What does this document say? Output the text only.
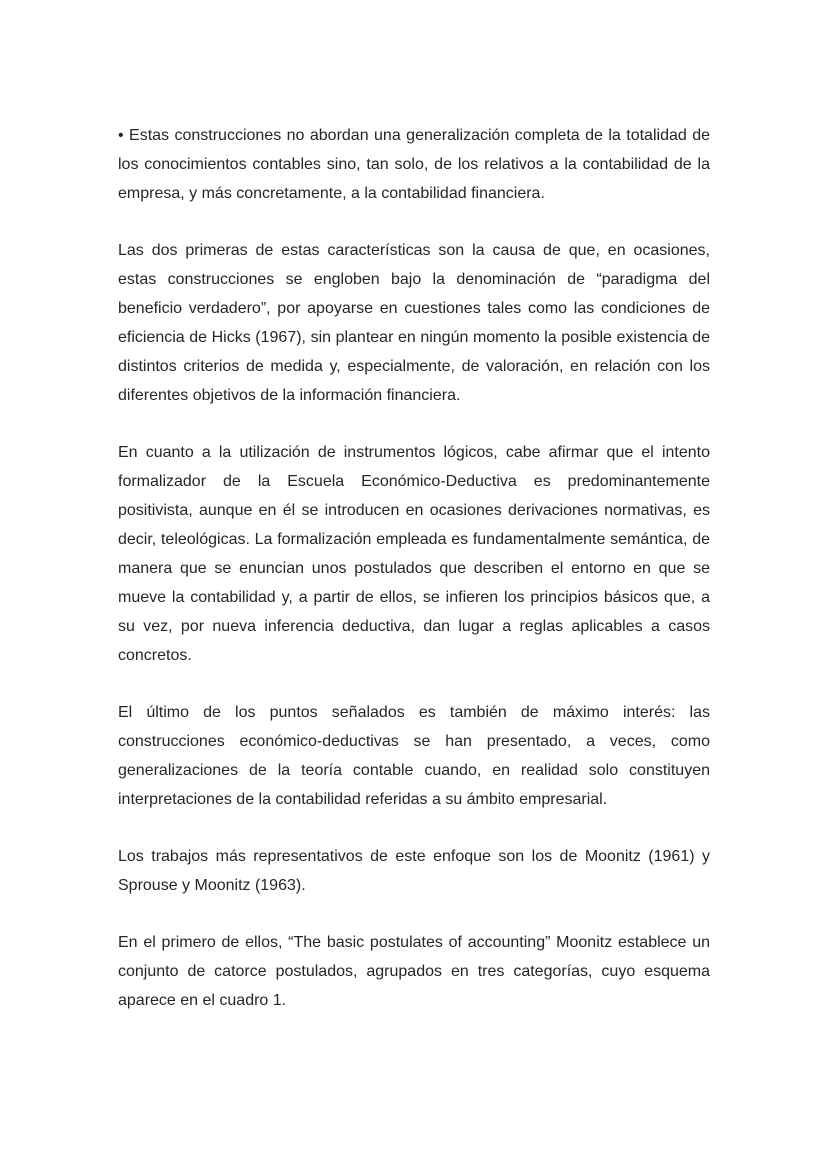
• Estas construcciones no abordan una generalización completa de la totalidad de los conocimientos contables sino, tan solo, de los relativos a la contabilidad de la empresa, y más concretamente, a la contabilidad financiera.

Las dos primeras de estas características son la causa de que, en ocasiones, estas construcciones se engloben bajo la denominación de “paradigma del beneficio verdadero”, por apoyarse en cuestiones tales como las condiciones de eficiencia de Hicks (1967), sin plantear en ningún momento la posible existencia de distintos criterios de medida y, especialmente, de valoración, en relación con los diferentes objetivos de la información financiera.

En cuanto a la utilización de instrumentos lógicos, cabe afirmar que el intento formalizador de la Escuela Económico-Deductiva es predominantemente positivista, aunque en él se introducen en ocasiones derivaciones normativas, es decir, teleológicas. La formalización empleada es fundamentalmente semántica, de manera que se enuncian unos postulados que describen el entorno en que se mueve la contabilidad y, a partir de ellos, se infieren los principios básicos que, a su vez, por nueva inferencia deductiva, dan lugar a reglas aplicables a casos concretos.

El último de los puntos señalados es también de máximo interés: las construcciones económico-deductivas se han presentado, a veces, como generalizaciones de la teoría contable cuando, en realidad solo constituyen interpretaciones de la contabilidad referidas a su ámbito empresarial.

Los trabajos más representativos de este enfoque son los de Moonitz (1961) y Sprouse y Moonitz (1963).

En el primero de ellos, “The basic postulates of accounting” Moonitz establece un conjunto de catorce postulados, agrupados en tres categorías, cuyo esquema aparece en el cuadro 1.
